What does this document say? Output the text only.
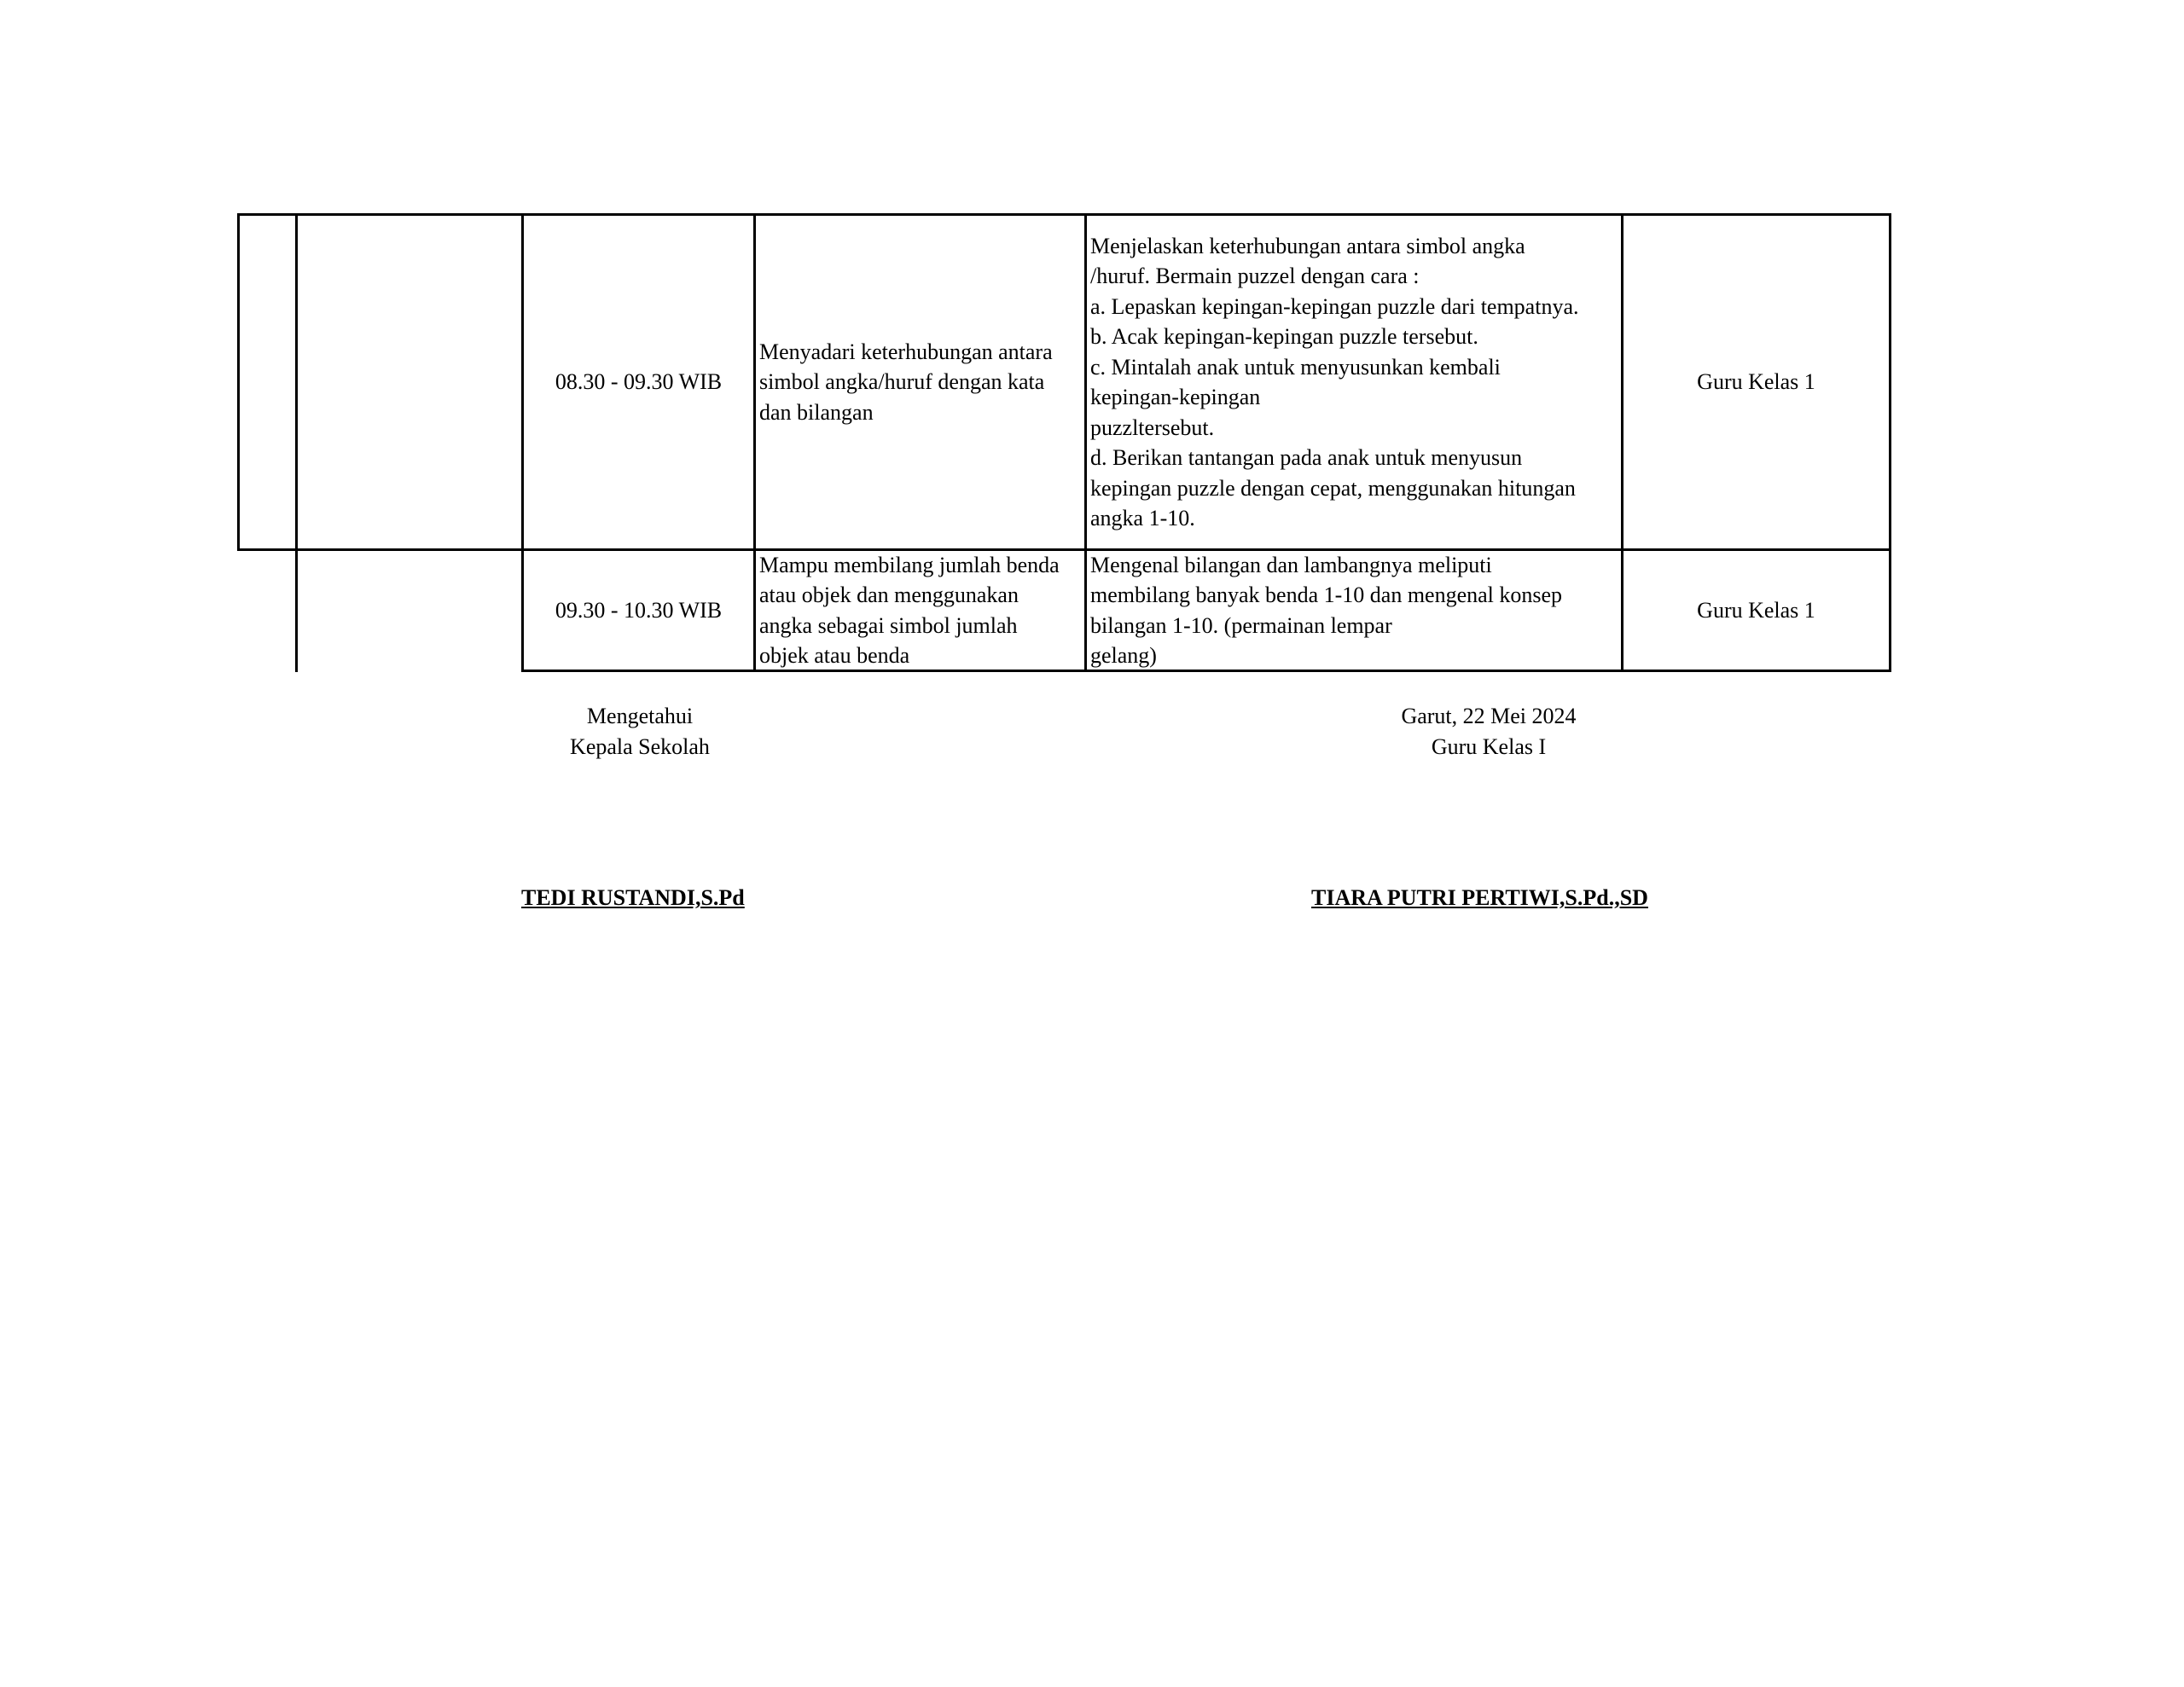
08.30 - 09.30 WIB
Menyadari keterhubungan antara
simbol angka/huruf dengan kata
dan bilangan
Menjelaskan keterhubungan antara simbol angka
/huruf. Bermain puzzel dengan cara :
a. Lepaskan kepingan-kepingan puzzle dari tempatnya.
b. Acak kepingan-kepingan puzzle tersebut.
c. Mintalah anak untuk menyusunkan kembali
kepingan-kepingan
puzzltersebut.
d. Berikan tantangan pada anak untuk menyusun
kepingan puzzle dengan cepat, menggunakan hitungan
angka 1-10.
Guru Kelas 1
09.30 - 10.30 WIB
Mampu membilang jumlah benda
atau objek dan menggunakan
angka sebagai simbol jumlah
objek atau benda
Mengenal bilangan dan lambangnya meliputi
membilang banyak benda 1-10 dan mengenal konsep
bilangan 1-10. (permainan lempar
gelang)
Guru Kelas 1
Mengetahui
Kepala Sekolah
Garut, 22 Mei 2024
Guru Kelas I
TEDI RUSTANDI,S.Pd	TIARA PUTRI PERTIWI,S.Pd.,SD
